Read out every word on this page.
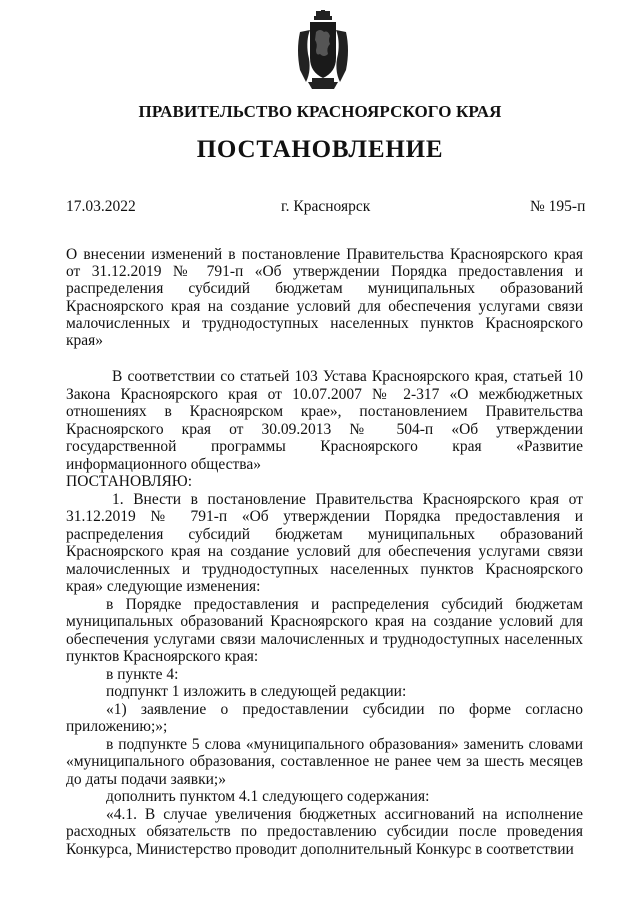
ПРАВИТЕЛЬСТВО КРАСНОЯРСКОГО КРАЯ
ПОСТАНОВЛЕНИЕ
17.03.2022	г. Красноярск	№ 195-п
О внесении изменений в постановление Правительства Красноярского края от 31.12.2019 № 791-п «Об утверждении Порядка предоставления и распределения субсидий бюджетам муниципальных образований Красноярского края на создание условий для обеспечения услугами связи малочисленных и труднодоступных населенных пунктов Красноярского края»

В соответствии со статьей 103 Устава Красноярского края, статьей 10 Закона Красноярского края от 10.07.2007 № 2-317 «О межбюджетных отношениях в Красноярском крае», постановлением Правительства Красноярского края от 30.09.2013 № 504-п «Об утверждении государственной программы Красноярского края «Развитие информационного общества»

ПОСТАНОВЛЯЮ:

1. Внести в постановление Правительства Красноярского края от 31.12.2019 № 791-п «Об утверждении Порядка предоставления и распределения субсидий бюджетам муниципальных образований Красноярского края на создание условий для обеспечения услугами связи малочисленных и труднодоступных населенных пунктов Красноярского края» следующие изменения:

в Порядке предоставления и распределения субсидий бюджетам муниципальных образований Красноярского края на создание условий для обеспечения услугами связи малочисленных и труднодоступных населенных пунктов Красноярского края:

в пункте 4:

подпункт 1 изложить в следующей редакции:

«1) заявление о предоставлении субсидии по форме согласно приложению;»;

в подпункте 5 слова «муниципального образования» заменить словами «муниципального образования, составленное не ранее чем за шесть месяцев до даты подачи заявки;»

дополнить пунктом 4.1 следующего содержания:

«4.1. В случае увеличения бюджетных ассигнований на исполнение расходных обязательств по предоставлению субсидии после проведения Конкурса, Министерство проводит дополнительный Конкурс в соответствии
